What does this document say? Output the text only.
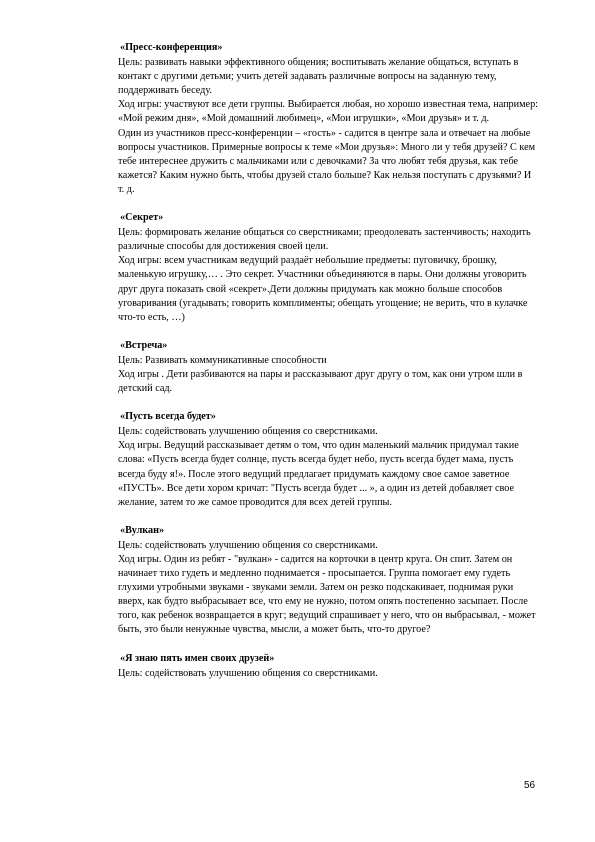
«Пресс-конференция»

Цель: развивать навыки эффективного общения; воспитывать желание общаться, вступать в контакт с другими детьми; учить детей задавать различные вопросы на заданную тему, поддерживать беседу.

Ход игры: участвуют все дети группы. Выбирается любая, но хорошо известная тема, например: «Мой режим дня», «Мой домашний любимец», «Мои игрушки», «Мои друзья» и т. д.

Один из участников пресс-конференции – «гость» - садится в центре зала и отвечает на любые вопросы участников. Примерные вопросы к теме «Мои друзья»: Много ли у тебя друзей? С кем тебе интереснее дружить с мальчиками или с девочками? За что любят тебя друзья, как тебе кажется? Каким нужно быть, чтобы друзей стало больше? Как нельзя поступать с друзьями? И т. д.

«Секрет»

Цель: формировать желание общаться со сверстниками; преодолевать застенчивость; находить различные способы для достижения своей цели.

Ход игры: всем участникам ведущий раздаёт небольшие предметы: пуговичку, брошку, маленькую игрушку,… . Это секрет. Участники объединяются в пары. Они должны уговорить друг друга показать свой «секрет».Дети должны придумать как можно больше способов уговаривания (угадывать; говорить комплименты; обещать угощение; не верить, что в кулачке что-то есть, …)

«Встреча»

Цель: Развивать коммуникативные способности

Ход игры . Дети разбиваются на пары и рассказывают друг другу о том, как они утром шли в детский сад.

«Пусть всегда будет»

Цель: содействовать улучшению общения со сверстниками.

Ход игры. Ведущий рассказывает детям о том, что один маленький мальчик придумал такие слова: «Пусть всегда будет солнце, пусть всегда будет небо, пусть всегда будет мама, пусть всегда буду я!». После этого ведущий предлагает придумать каждому свое самое заветное «ПУСТЬ». Все дети хором кричат: "Пусть всегда будет ... », а один из детей добавляет свое желание, затем то же самое проводится для всех детей группы.

«Вулкан»

Цель: содействовать улучшению общения со сверстниками.

Ход игры. Один из ребят - "вулкан» - садится на корточки в центр круга. Он спит. Затем он начинает тихо гудеть и медленно поднимается - просыпается. Группа помогает ему гудеть глухими утробными звуками - звуками земли. Затем он резко подскакивает, поднимая руки вверх, как будто выбрасывает все, что ему не нужно, потом опять постепенно засыпает. После того, как ребенок возвращается в круг; ведущий спрашивает у него, что он выбрасывал, - может быть, это были ненужные чувства, мысли, а может быть, что-то другое?

«Я знаю пять имен своих друзей»

Цель: содействовать улучшению общения со сверстниками.

56
